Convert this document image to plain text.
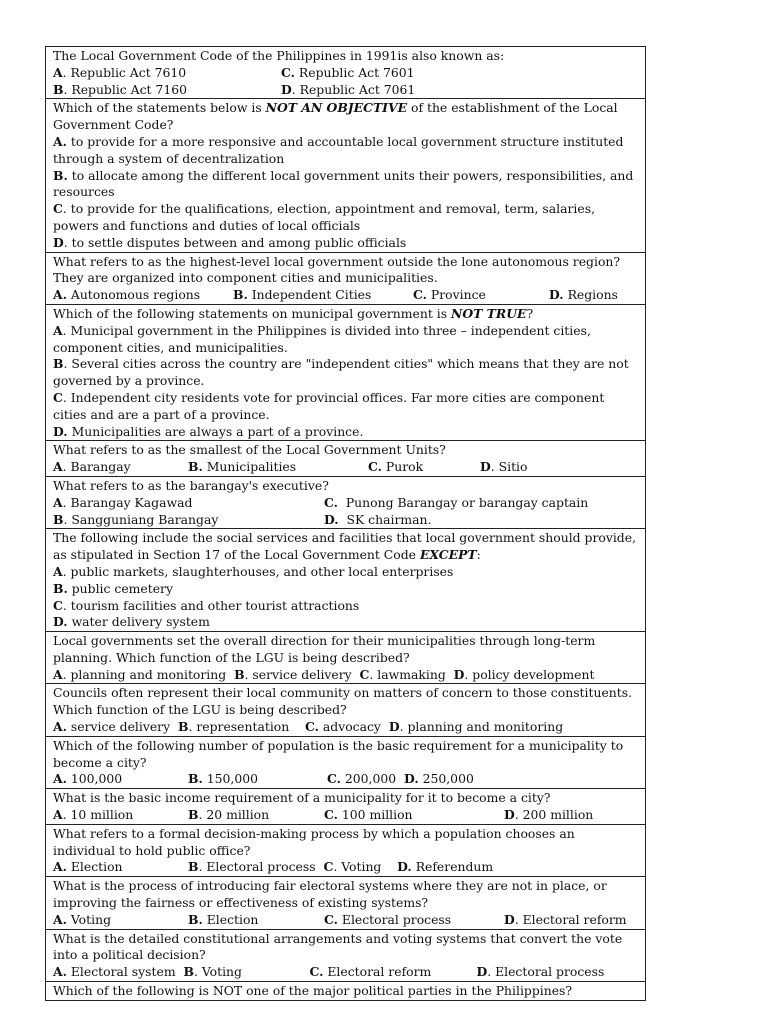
The Local Government Code of the Philippines in 1991is also known as:
A. Republic Act 7610	C. Republic Act 7601
B. Republic Act 7160	D. Republic Act 7061

Which of the statements below is NOT AN OBJECTIVE of the establishment of the Local Government Code?
A. to provide for a more responsive and accountable local government structure instituted through a system of decentralization
B. to allocate among the different local government units their powers, responsibilities, and resources
C. to provide for the qualifications, election, appointment and removal, term, salaries, powers and functions and duties of local officials
D. to settle disputes between and among public officials

What refers to as the highest-level local government outside the lone autonomous region? They are organized into component cities and municipalities.
A. Autonomous regions	B. Independent Cities	C. Province	D. Regions

Which of the following statements on municipal government is NOT TRUE?
A. Municipal government in the Philippines is divided into three – independent cities, component cities, and municipalities.
B. Several cities across the country are "independent cities" which means that they are not governed by a province.
C. Independent city residents vote for provincial offices. Far more cities are component cities and are a part of a province.
D. Municipalities are always a part of a province.

What refers to as the smallest of the Local Government Units?
A. Barangay	B. Municipalities	C. Purok	D. Sitio

What refers to as the barangay's executive?
A. Barangay Kagawad	C.  Punong Barangay or barangay captain
B. Sangguniang Barangay	D.  SK chairman.

The following include the social services and facilities that local government should provide, as stipulated in Section 17 of the Local Government Code EXCEPT:
A. public markets, slaughterhouses, and other local enterprises
B. public cemetery
C. tourism facilities and other tourist attractions
D. water delivery system

Local governments set the overall direction for their municipalities through long-term planning. Which function of the LGU is being described?
A. planning and monitoring  B. service delivery  C. lawmaking  D. policy development

Councils often represent their local community on matters of concern to those constituents. Which function of the LGU is being described?
A. service delivery  B. representation    C. advocacy  D. planning and monitoring

Which of the following number of population is the basic requirement for a municipality to become a city?
A. 100,000	B. 150,000	C. 200,000  D. 250,000

What is the basic income requirement of a municipality for it to become a city?
A. 10 million	B. 20 million	C. 100 million	D. 200 million

What refers to a formal decision-making process by which a population chooses an individual to hold public office?
A. Election	B. Electoral process  C. Voting    D. Referendum

What is the process of introducing fair electoral systems where they are not in place, or improving the fairness or effectiveness of existing systems?
A. Voting	B. Election	C. Electoral process	D. Electoral reform

What is the detailed constitutional arrangements and voting systems that convert the vote into a political decision?
A. Electoral system  B. Voting	C. Electoral reform	D. Electoral process

Which of the following is NOT one of the major political parties in the Philippines?
